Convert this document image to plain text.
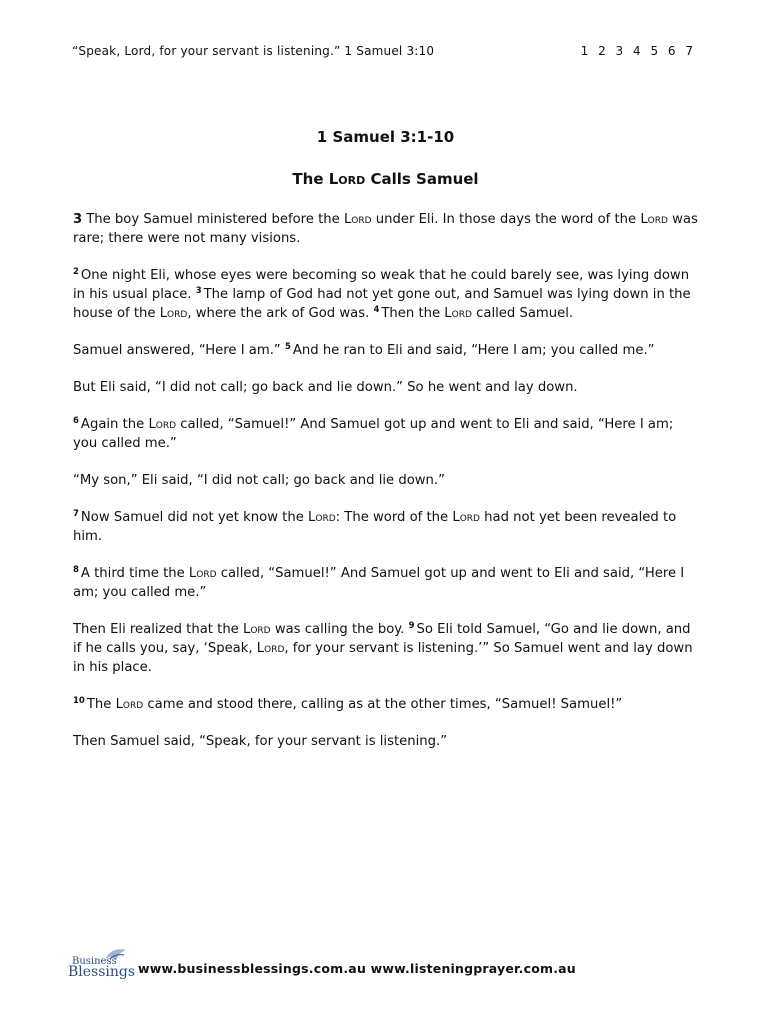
“Speak, Lord, for your servant is listening.” 1 Samuel 3:10	1 2 3 4 5 6 7
1 Samuel 3:1-10
The Lord Calls Samuel

3 The boy Samuel ministered before the Lord under Eli. In those days the word of the Lord was rare; there were not many visions.

$^2$ One night Eli, whose eyes were becoming so weak that he could barely see, was lying down in his usual place. $^3$ The lamp of God had not yet gone out, and Samuel was lying down in the house of the Lord, where the ark of God was. $^4$ Then the Lord called Samuel.

Samuel answered, “Here I am.” $^5$ And he ran to Eli and said, “Here I am; you called me.”

But Eli said, “I did not call; go back and lie down.” So he went and lay down.

$^6$ Again the Lord called, “Samuel!” And Samuel got up and went to Eli and said, “Here I am; you called me.”

“My son,” Eli said, “I did not call; go back and lie down.”

$^7$ Now Samuel did not yet know the Lord: The word of the Lord had not yet been revealed to him.

$^8$ A third time the Lord called, “Samuel!” And Samuel got up and went to Eli and said, “Here I am; you called me.”

Then Eli realized that the Lord was calling the boy. $^9$ So Eli told Samuel, “Go and lie down, and if he calls you, say, ‘Speak, Lord, for your servant is listening.’” So Samuel went and lay down in his place.

$^{10}$ The Lord came and stood there, calling as at the other times, “Samuel! Samuel!”

Then Samuel said, “Speak, for your servant is listening.”

Business
Blessings www.businessblessings.com.au www.listeningprayer.com.au
